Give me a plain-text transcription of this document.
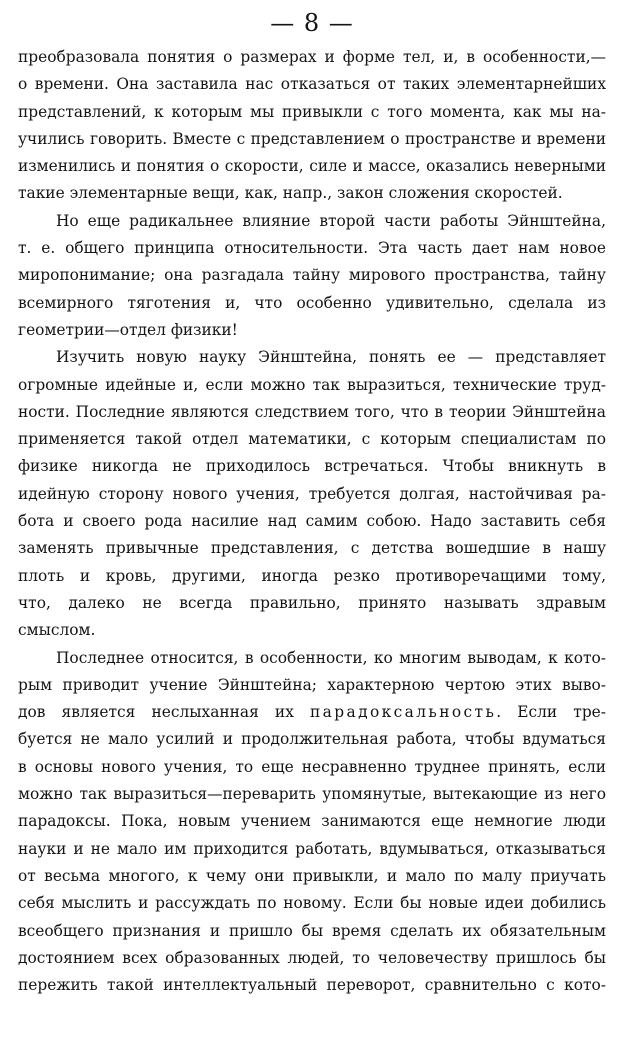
— 8 —

преобразовала понятия о размерах и форме тел, и, в особенности,—
о времени. Она заставила нас отказаться от таких элементарнейших
представлений, к которым мы привыкли с того момента, как мы на-
учились говорить. Вместе с представлением о пространстве и времени
изменились и понятия о скорости, силе и массе, оказались неверными
такие элементарные вещи, как, напр., закон сложения скоростей.

Но еще радикальнее влияние второй части работы Эйнштейна,
т. е. общего принципа относительности. Эта часть дает нам новое
миропонимание; она разгадала тайну мирового пространства, тайну
всемирного тяготения и, что особенно удивительно, сделала из
геометрии—отдел физики!

Изучить новую науку Эйнштейна, понять ее — представляет
огромные идейные и, если можно так выразиться, технические труд-
ности. Последние являются следствием того, что в теории Эйнштейна
применяется такой отдел математики, с которым специалистам по
физике никогда не приходилось встречаться. Чтобы вникнуть в
идейную сторону нового учения, требуется долгая, настойчивая ра-
бота и своего рода насилие над самим собою. Надо заставить себя
заменять привычные представления, с детства вошедшие в нашу
плоть и кровь, другими, иногда резко противоречащими тому,
что, далеко не всегда правильно, принято называть здравым
смыслом.

Последнее относится, в особенности, ко многим выводам, к кото-
рым приводит учение Эйнштейна; характерною чертою этих выво-
дов является неслыханная их парадоксальность. Если тре-
буется не мало усилий и продолжительная работа, чтобы вдуматься
в основы нового учения, то еще несравненно труднее принять, если
можно так выразиться—переварить упомянутые, вытекающие из него
парадоксы. Пока, новым учением занимаются еще немногие люди
науки и не мало им приходится работать, вдумываться, отказываться
от весьма многого, к чему они привыкли, и мало по малу приучать
себя мыслить и рассуждать по новому. Если бы новые идеи добились
всеобщего признания и пришло бы время сделать их обязательным
достоянием всех образованных людей, то человечеству пришлось бы
пережить такой интеллектуальный переворот, сравнительно с кото-
